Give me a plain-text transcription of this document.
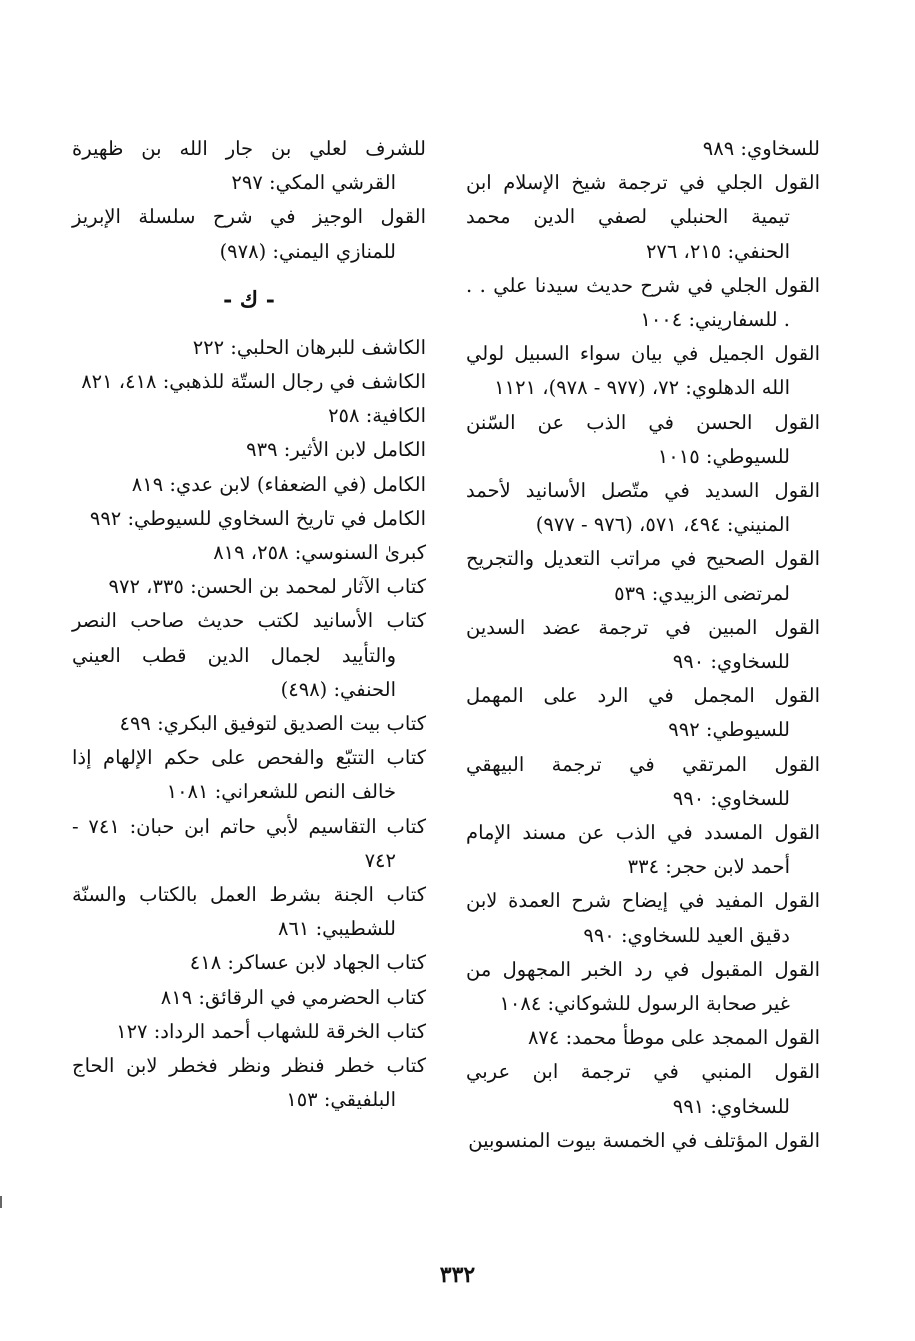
للسخاوي: ٩٨٩

القول الجلي في ترجمة شيخ الإسلام ابن تيمية الحنبلي لصفي الدين محمد الحنفي: ٢١٥، ٢٧٦

القول الجلي في شرح حديث سيدنا علي . . . للسفاريني: ١٠٠٤

القول الجميل في بيان سواء السبيل لولي الله الدهلوي: ٧٢، (٩٧٧ - ٩٧٨)، ١١٢١

القول الحسن في الذب عن السّنن للسيوطي: ١٠١٥

القول السديد في متّصل الأسانيد لأحمد المنيني: ٤٩٤، ٥٧١، (٩٧٦ - ٩٧٧)

القول الصحيح في مراتب التعديل والتجريح لمرتضى الزبيدي: ٥٣٩

القول المبين في ترجمة عضد السدين للسخاوي: ٩٩٠

القول المجمل في الرد على المهمل للسيوطي: ٩٩٢

القول المرتقي في ترجمة البيهقي للسخاوي: ٩٩٠

القول المسدد في الذب عن مسند الإمام أحمد لابن حجر: ٣٣٤

القول المفيد في إيضاح شرح العمدة لابن دقيق العيد للسخاوي: ٩٩٠

القول المقبول في رد الخبر المجهول من غير صحابة الرسول للشوكاني: ١٠٨٤

القول الممجد على موطأ محمد: ٨٧٤

القول المنبي في ترجمة ابن عربي للسخاوي: ٩٩١

القول المؤتلف في الخمسة بيوت المنسوبين

للشرف لعلي بن جار الله بن ظهيرة القرشي المكي: ٢٩٧

القول الوجيز في شرح سلسلة الإبريز للمنازي اليمني: (٩٧٨)

- ك -

الكاشف للبرهان الحلبي: ٢٢٢

الكاشف في رجال الستّة للذهبي: ٤١٨، ٨٢١

الكافية: ٢٥٨

الكامل لابن الأثير: ٩٣٩

الكامل (في الضعفاء) لابن عدي: ٨١٩

الكامل في تاريخ السخاوي للسيوطي: ٩٩٢

كبرىٰ السنوسي: ٢٥٨، ٨١٩

كتاب الآثار لمحمد بن الحسن: ٣٣٥، ٩٧٢

كتاب الأسانيد لكتب حديث صاحب النصر والتأييد لجمال الدين قطب العيني الحنفي: (٤٩٨)

كتاب بيت الصديق لتوفيق البكري: ٤٩٩

كتاب التتبّع والفحص على حكم الإلهام إذا خالف النص للشعراني: ١٠٨١

كتاب التقاسيم لأبي حاتم ابن حبان: ٧٤١ - ٧٤٢

كتاب الجنة بشرط العمل بالكتاب والسنّة للشطيبي: ٨٦١

كتاب الجهاد لابن عساكر: ٤١٨

كتاب الحضرمي في الرقائق: ٨١٩

كتاب الخرقة للشهاب أحمد الرداد: ١٢٧

كتاب خطر فنظر ونظر فخطر لابن الحاج البلفيقي: ١٥٣

٣٣٢
